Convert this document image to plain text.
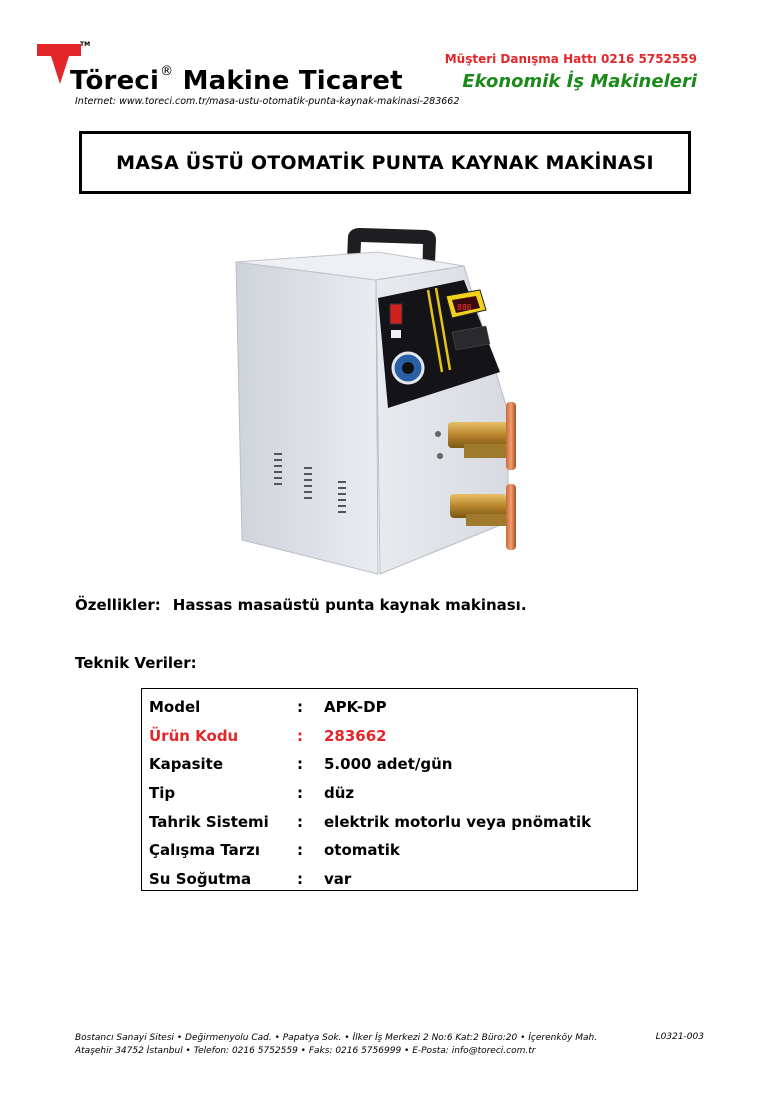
TM
Töreci® Makine Ticaret
Müşteri Danışma Hattı 0216 5752559
Ekonomik İş Makineleri
Internet: www.toreci.com.tr/masa-ustu-otomatik-punta-kaynak-makinasi-283662
MASA ÜSTÜ OTOMATİK PUNTA KAYNAK MAKİNASI
888
Özellikler: Hassas masaüstü punta kaynak makinası.
Teknik Veriler:
Model	:	APK-DP
Ürün Kodu	:	283662
Kapasite	:	5.000 adet/gün
Tip	:	düz
Tahrik Sistemi	:	elektrik motorlu veya pnömatik
Çalışma Tarzı	:	otomatik
Su Soğutma	:	var
Bostancı Sanayi Sitesi • Değirmenyolu Cad. • Papatya Sok. • İlker İş Merkezi 2 No:6 Kat:2 Büro:20 • İçerenköy Mah.
Ataşehir 34752 İstanbul • Telefon: 0216 5752559 • Faks: 0216 5756999 • E-Posta: info@toreci.com.tr
L0321-003
